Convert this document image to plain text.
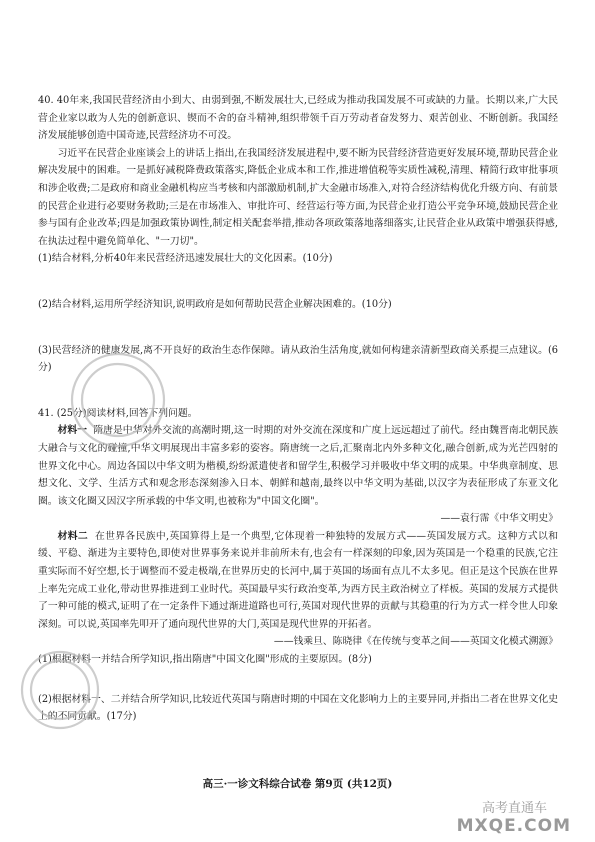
40. 40年来,我国民营经济由小到大、由弱到强,不断发展壮大,已经成为推动我国发展不可或缺的力量。长期以来,广大民营企业家以敢为人先的创新意识、锲而不舍的奋斗精神,组织带领千百万劳动者奋发努力、艰苦创业、不断创新。我国经济发展能够创造中国奇迹,民营经济功不可没。

习近平在民营企业座谈会上的讲话上指出,在我国经济发展进程中,要不断为民营经济营造更好发展环境,帮助民营企业解决发展中的困难。一是抓好减税降费政策落实,降低企业成本和工作,推进增值税等实质性减税,清理、精简行政审批事项和涉企收费;二是政府和商业金融机构应当考核和内部激励机制,扩大金融市场准入,对符合经济结构优化升级方向、有前景的民营企业进行必要财务救助;三是在市场准入、审批许可、经营运行等方面,为民营企业打造公平竞争环境,鼓励民营企业参与国有企业改革;四是加强政策协调性,制定相关配套举措,推动各项政策落地落细落实,让民营企业从政策中增强获得感,在执法过程中避免简单化、"一刀切"。

(1)结合材料,分析40年来民营经济迅速发展壮大的文化因素。(10分)

(2)结合材料,运用所学经济知识,说明政府是如何帮助民营企业解决困难的。(10分)

(3)民营经济的健康发展,离不开良好的政治生态作保障。请从政治生活角度,就如何构建亲清新型政商关系提三点建议。(6分)

41. (25分)阅读材料,回答下列问题。

材料一 隋唐是中华对外交流的高潮时期,这一时期的对外交流在深度和广度上远远超过了前代。经由魏晋南北朝民族大融合与文化的碰撞,中华文明展现出丰富多彩的姿容。隋唐统一之后,汇聚南北内外多种文化,融合创新,成为光芒四射的世界文化中心。周边各国以中华文明为楷模,纷纷派遣使者和留学生,积极学习并吸收中华文明的成果。中华典章制度、思想文化、文学、生活方式和观念形态深刻渗入日本、朝鲜和越南,最终以中华文明为基础,以汉字为表征形成了东亚文化圈。该文化圈又因汉字所承载的中华文明,也被称为"中国文化圈"。

——袁行霈《中华文明史》

材料二 在世界各民族中,英国算得上是一个典型,它体现着一种独特的发展方式——英国发展方式。这种方式以和缓、平稳、渐进为主要特色,即使对世界事务来说并非前所未有,也会有一样深刻的印象,因为英国是一个稳重的民族,它注重实际而不好空想,长于调整而不爱走极端,在世界历史的长河中,属于英国的场面有点儿不太多见。但正是这个民族在世界上率先完成工业化,带动世界推进到工业时代。英国最早实行政治变革,为西方民主政治树立了样板。英国的发展方式提供了一种可能的模式,证明了在一定条件下通过渐进道路也可行,英国对现代世界的贡献与其稳重的行为方式一样令世人印象深刻。可以说,英国率先叩开了通向现代世界的大门,英国是现代世界的开拓者。

——钱乘旦、陈晓律《在传统与变革之间——英国文化模式溯源》

(1)根据材料一并结合所学知识,指出隋唐"中国文化圈"形成的主要原因。(8分)

(2)根据材料一、二并结合所学知识,比较近代英国与隋唐时期的中国在文化影响力上的主要异同,并指出二者在世界文化史上的不同贡献。(17分)

高三·一诊文科综合试卷 第9页 (共12页)
高考直通车
MXQE.COM
